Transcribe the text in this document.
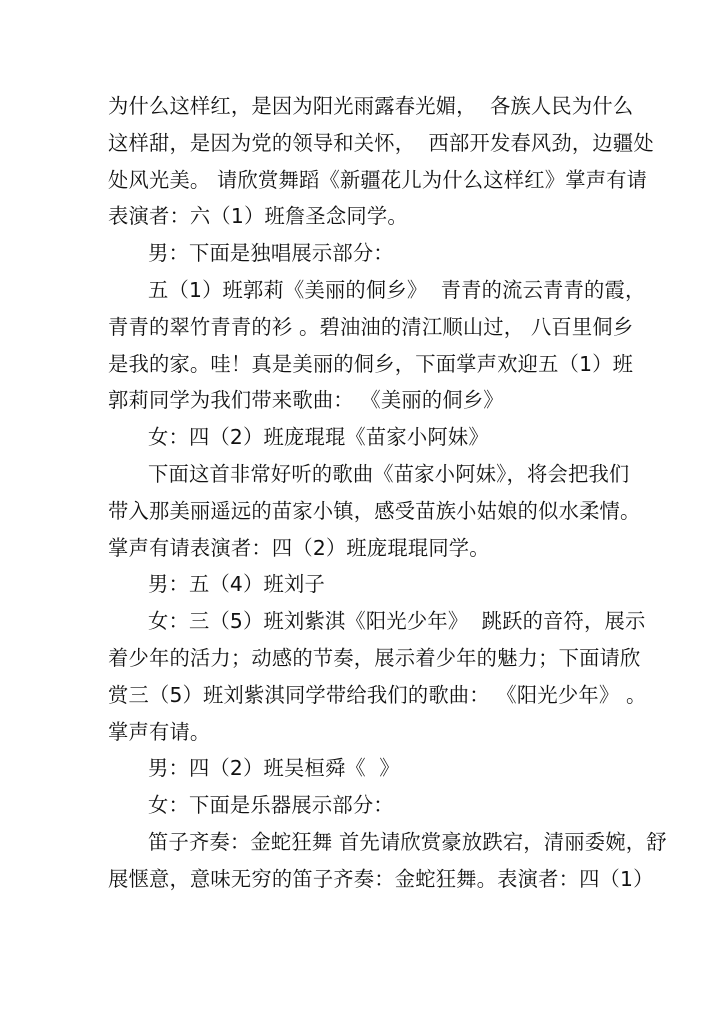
为什么这样红，是因为阳光雨露春光媚，  各族人民为什么
这样甜，是因为党的领导和关怀，  西部开发春风劲，边疆处
处风光美。 请欣赏舞蹈《新疆花儿为什么这样红》掌声有请
表演者：六（1）班詹圣念同学。
男：下面是独唱展示部分：
五（1）班郭莉《美丽的侗乡》  青青的流云青青的霞，
青青的翠竹青青的衫 。碧油油的清江顺山过， 八百里侗乡
是我的家。哇！真是美丽的侗乡，下面掌声欢迎五（1）班
郭莉同学为我们带来歌曲： 《美丽的侗乡》
女：四（2）班庞琨琨《苗家小阿妹》
下面这首非常好听的歌曲《苗家小阿妹》，将会把我们
带入那美丽遥远的苗家小镇，感受苗族小姑娘的似水柔情。
掌声有请表演者：四（2）班庞琨琨同学。
男：五（4）班刘子
女：三（5）班刘紫淇《阳光少年》  跳跃的音符，展示
着少年的活力；动感的节奏，展示着少年的魅力；下面请欣
赏三（5）班刘紫淇同学带给我们的歌曲： 《阳光少年》 。
掌声有请。
男：四（2）班吴桓舜《  》
女：下面是乐器展示部分：
笛子齐奏：金蛇狂舞 首先请欣赏豪放跌宕，清丽委婉，舒
展惬意，意味无穷的笛子齐奏：金蛇狂舞。表演者：四（1）
